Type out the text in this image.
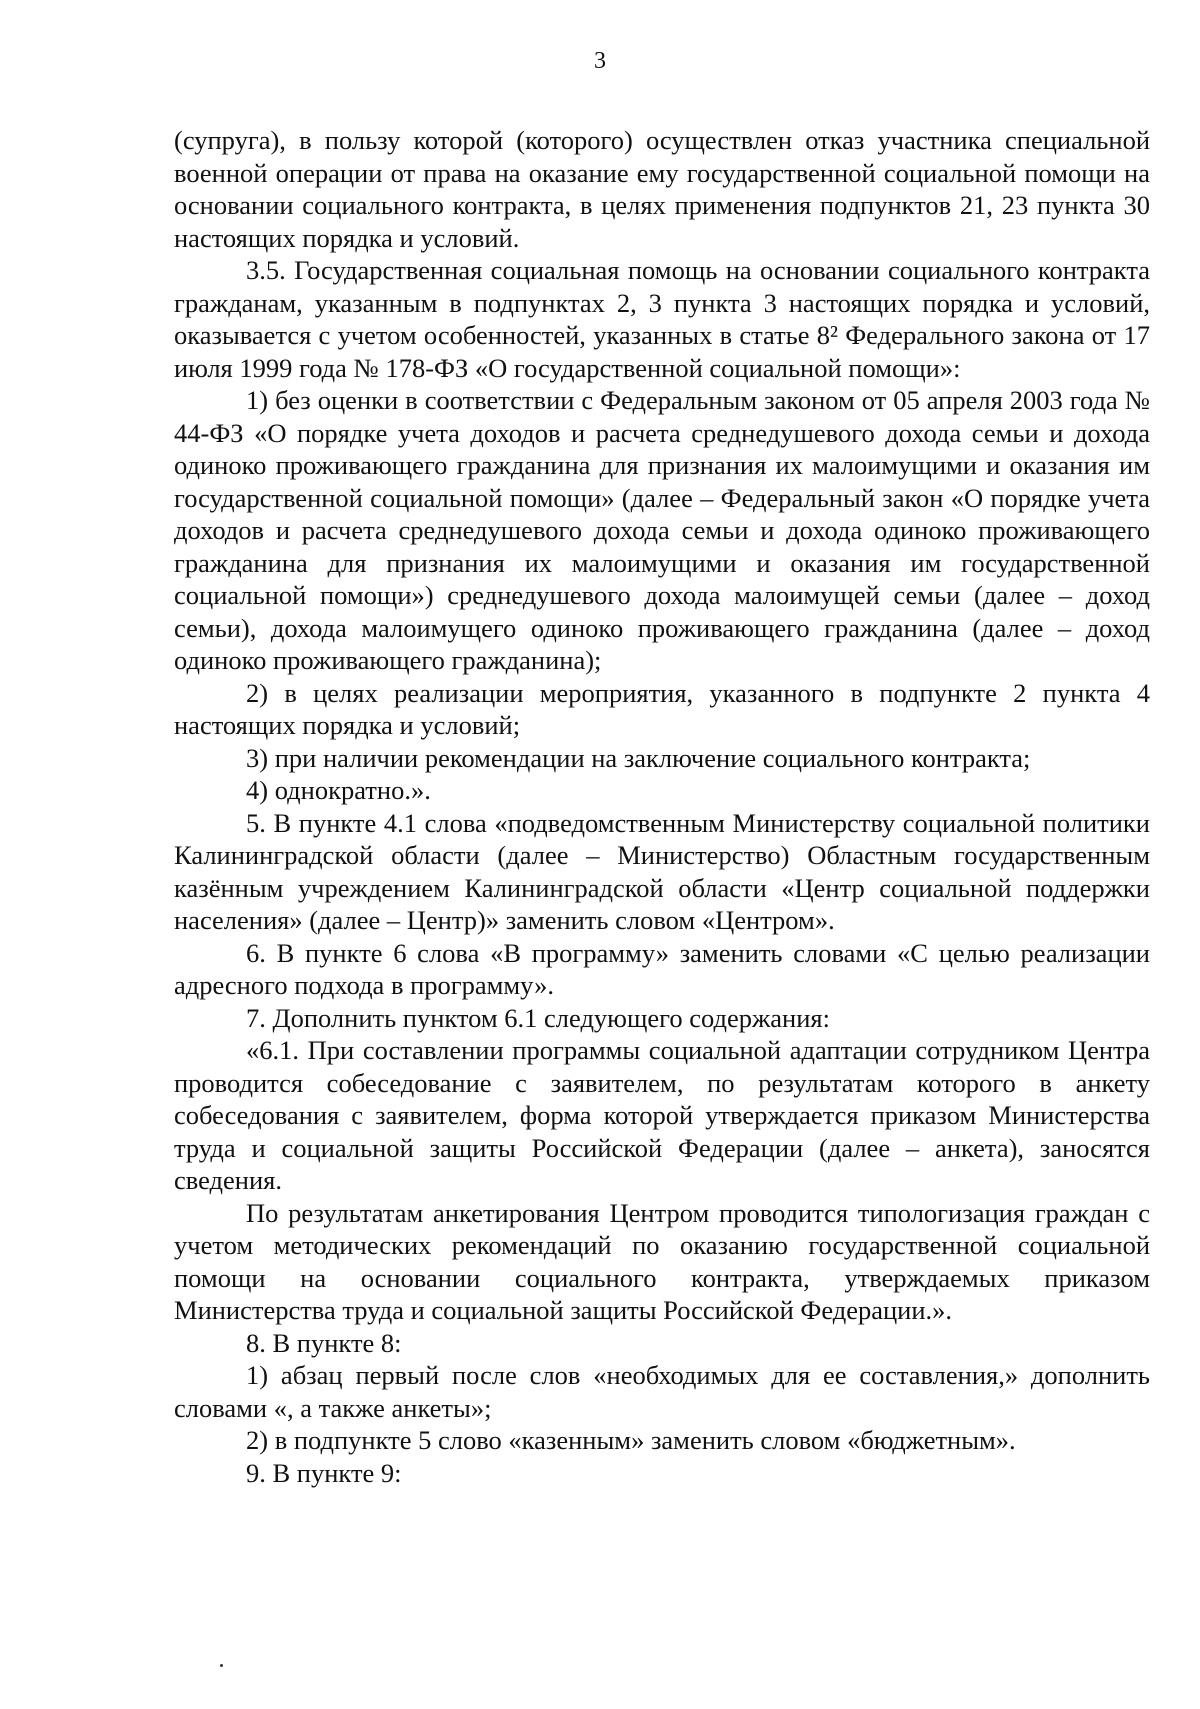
3

(супруга), в пользу которой (которого) осуществлен отказ участника специальной военной операции от права на оказание ему государственной социальной помощи на основании социального контракта, в целях применения подпунктов 21, 23 пункта 30 настоящих порядка и условий.

3.5. Государственная социальная помощь на основании социального контракта гражданам, указанным в подпунктах 2, 3 пункта 3 настоящих порядка и условий, оказывается с учетом особенностей, указанных в статье 8² Федерального закона от 17 июля 1999 года № 178-ФЗ «О государственной социальной помощи»:

1) без оценки в соответствии с Федеральным законом от 05 апреля 2003 года № 44-ФЗ «О порядке учета доходов и расчета среднедушевого дохода семьи и дохода одиноко проживающего гражданина для признания их малоимущими и оказания им государственной социальной помощи» (далее – Федеральный закон «О порядке учета доходов и расчета среднедушевого дохода семьи и дохода одиноко проживающего гражданина для признания их малоимущими и оказания им государственной социальной помощи») среднедушевого дохода малоимущей семьи (далее – доход семьи), дохода малоимущего одиноко проживающего гражданина (далее – доход одиноко проживающего гражданина);

2) в целях реализации мероприятия, указанного в подпункте 2 пункта 4 настоящих порядка и условий;

3) при наличии рекомендации на заключение социального контракта;

4) однократно.».

5. В пункте 4.1 слова «подведомственным Министерству социальной политики Калининградской области (далее – Министерство) Областным государственным казённым учреждением Калининградской области «Центр социальной поддержки населения» (далее – Центр)» заменить словом «Центром».

6. В пункте 6 слова «В программу» заменить словами «С целью реализации адресного подхода в программу».

7. Дополнить пунктом 6.1 следующего содержания:

«6.1. При составлении программы социальной адаптации сотрудником Центра проводится собеседование с заявителем, по результатам которого в анкету собеседования с заявителем, форма которой утверждается приказом Министерства труда и социальной защиты Российской Федерации (далее – анкета), заносятся сведения.

По результатам анкетирования Центром проводится типологизация граждан с учетом методических рекомендаций по оказанию государственной социальной помощи на основании социального контракта, утверждаемых приказом Министерства труда и социальной защиты Российской Федерации.».

8. В пункте 8:

1) абзац первый после слов «необходимых для ее составления,» дополнить словами «, а также анкеты»;

2) в подпункте 5 слово «казенным» заменить словом «бюджетным».

9. В пункте 9:
